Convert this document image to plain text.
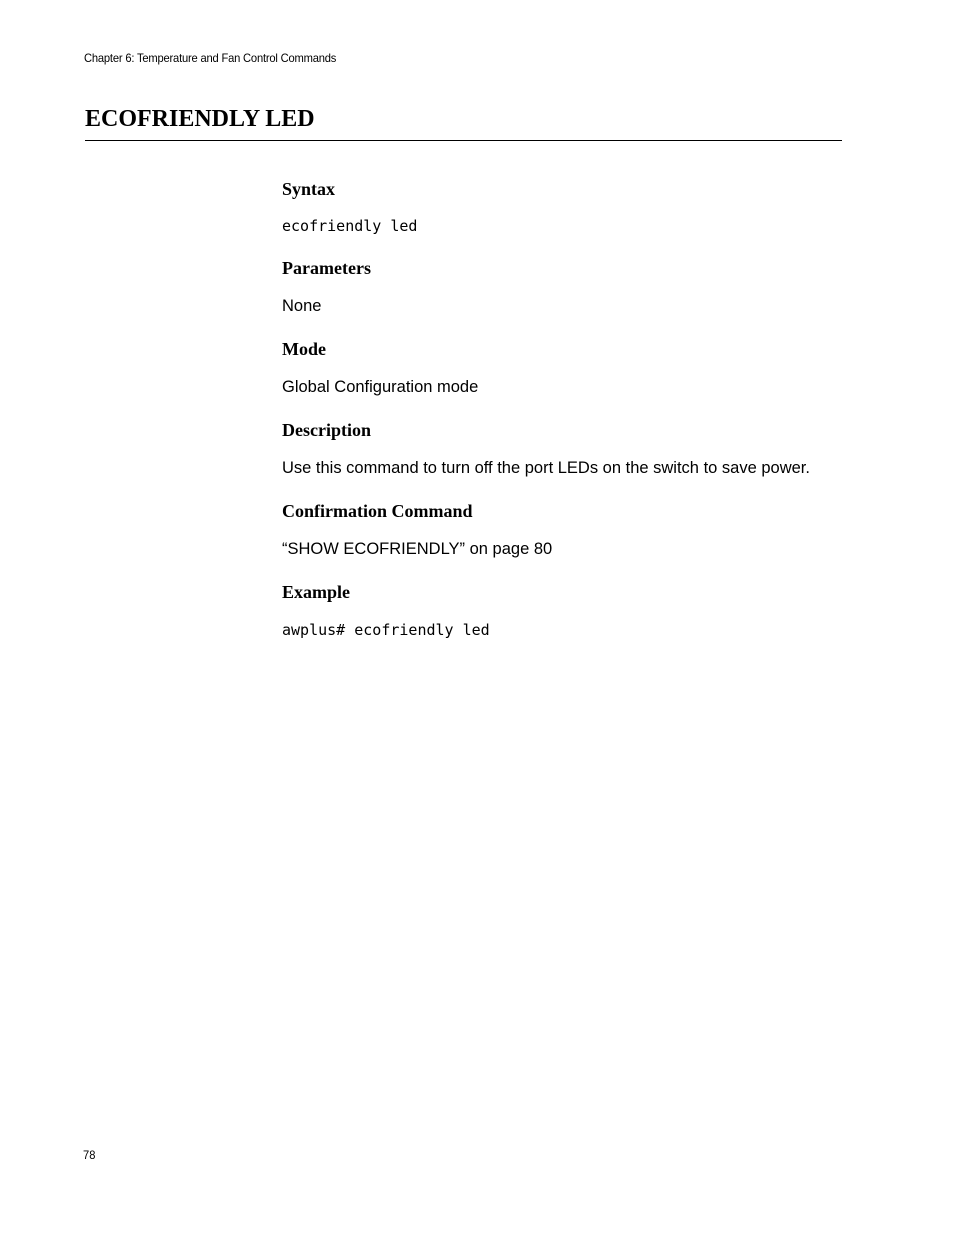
Chapter 6: Temperature and Fan Control Commands
ECOFRIENDLY LED
Syntax

ecofriendly led

Parameters

None

Mode

Global Configuration mode

Description

Use this command to turn off the port LEDs on the switch to save power.

Confirmation Command

“SHOW ECOFRIENDLY” on page 80

Example

awplus# ecofriendly led

78
